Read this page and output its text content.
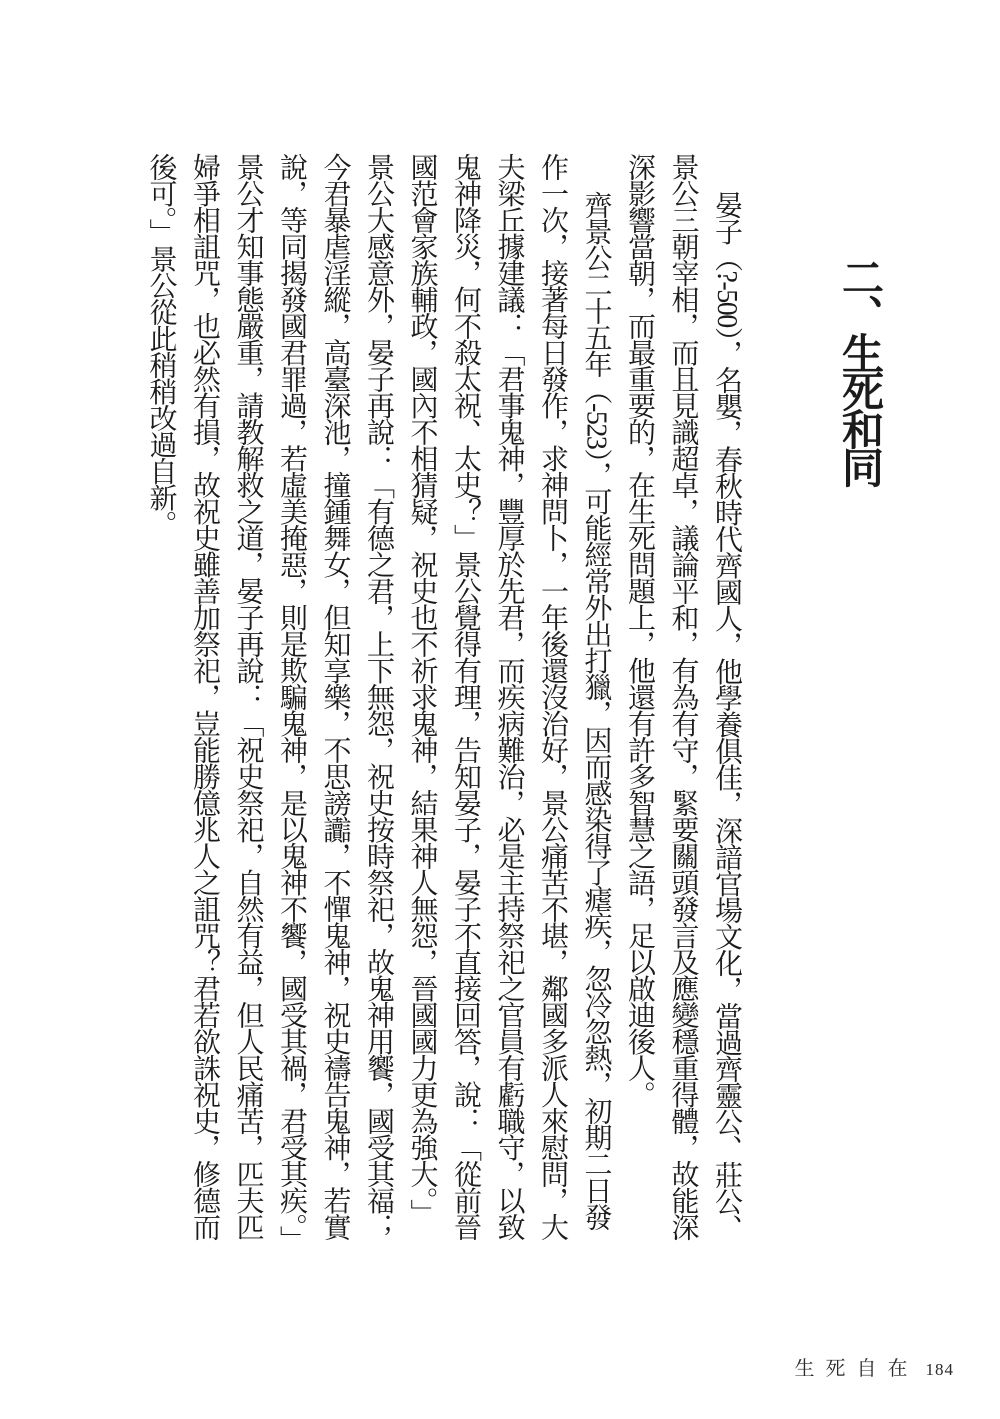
二、生死和同

晏子（?-500），名嬰，春秋時代齊國人，他學養俱佳，深諳官場文化，當過齊靈公、莊公、景公三朝宰相，而且見識超卓，議論平和，有為有守，緊要關頭發言及應變穩重得體，故能深深影響當朝，而最重要的，在生死問題上，他還有許多智慧之語，足以啟迪後人。

齊景公二十五年（-523），可能經常外出打獵，因而感染得了瘧疾，忽冷忽熱，初期二日發作一次，接著每日發作，求神問卜，一年後還沒治好，景公痛苦不堪，鄰國多派人來慰問，大夫梁丘據建議：「君事鬼神，豐厚於先君，而疾病難治，必是主持祭祀之官員有虧職守，以致鬼神降災，何不殺太祝、太史？」景公覺得有理，告知晏子，晏子不直接回答，說：「從前晉國范會家族輔政，國內不相猜疑，祝史也不祈求鬼神，結果神人無怨，晉國國力更為強大。」景公大感意外，晏子再說：「有德之君，上下無怨，祝史按時祭祀，故鬼神用饗，國受其福；今君暴虐淫縱，高臺深池，撞鍾舞女，但知享樂，不思謗讟，不憚鬼神，祝史禱告鬼神，若實說，等同揭發國君罪過，若虛美掩惡，則是欺騙鬼神，是以鬼神不饗，國受其禍，君受其疾。」景公才知事態嚴重，請教解救之道，晏子再說：「祝史祭祀，自然有益，但人民痛苦，匹夫匹婦爭相詛咒，也必然有損，故祝史雖善加祭祀，豈能勝億兆人之詛咒？君若欲誅祝史，修德而後可。」景公從此稍稍改過自新。

生死自在 184
